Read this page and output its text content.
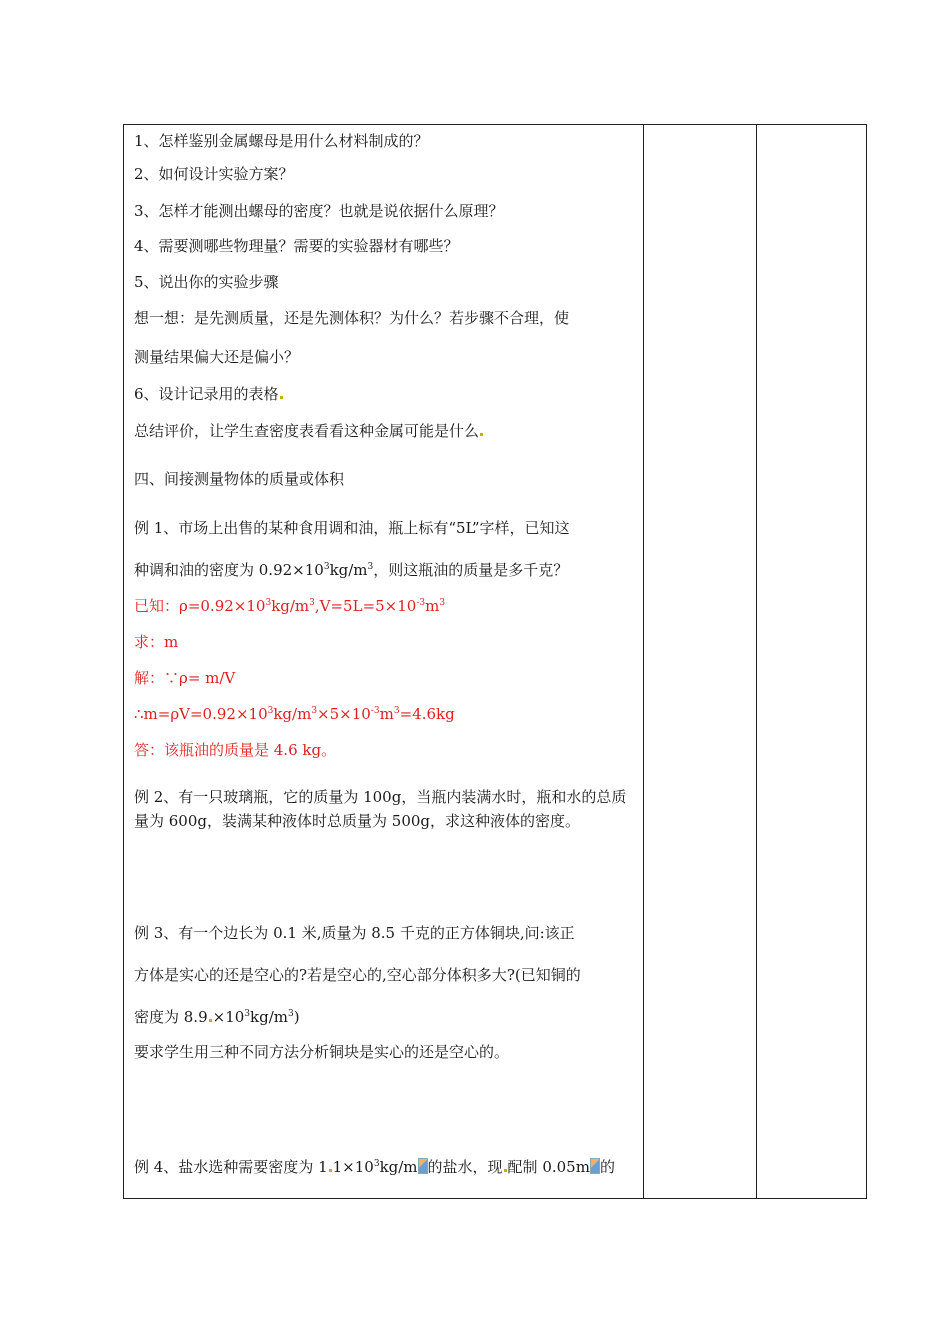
1、怎样鉴别金属螺母是用什么材料制成的？
2、如何设计实验方案？
3、怎样才能测出螺母的密度？也就是说依据什么原理？
4、需要测哪些物理量？需要的实验器材有哪些？
5、说出你的实验步骤
想一想：是先测质量，还是先测体积？为什么？若步骤不合理，使
测量结果偏大还是偏小？
6、设计记录用的表格
总结评价，让学生查密度表看看这种金属可能是什么
四、间接测量物体的质量或体积
例 1、市场上出售的某种食用调和油，瓶上标有“5L”字样，已知这
种调和油的密度为 $0.92\times 10^3kg/m^3$，则这瓶油的质量是多千克？
已知：$\rho=0.92\times 10^3kg/m^3,V=5L=5\times 10^{-3}m^3$
求：m
解：∵ρ= m/V
$\therefore m=\rho V=0.92\times 10^3kg/m^3\times 5\times 10^{-3}m^3=4.6kg$
答：该瓶油的质量是 4.6 kg。
例 2、有一只玻璃瓶，它的质量为 100g，当瓶内装满水时，瓶和水的总质量为 600g，装满某种液体时总质量为 500g，求这种液体的密度。
例 3、有一个边长为 0.1 米,质量为 8.5 千克的正方体铜块,问:该正
方体是实心的还是空心的?若是空心的,空心部分体积多大?(已知铜的
密度为 $8.9 \times 10^3kg/m^3$)
要求学生用三种不同方法分析铜块是实心的还是空心的。
例 4、盐水选种需要密度为 1 $1\times 10^3kg/m$ 的盐水，现 配制 0.05m 的
